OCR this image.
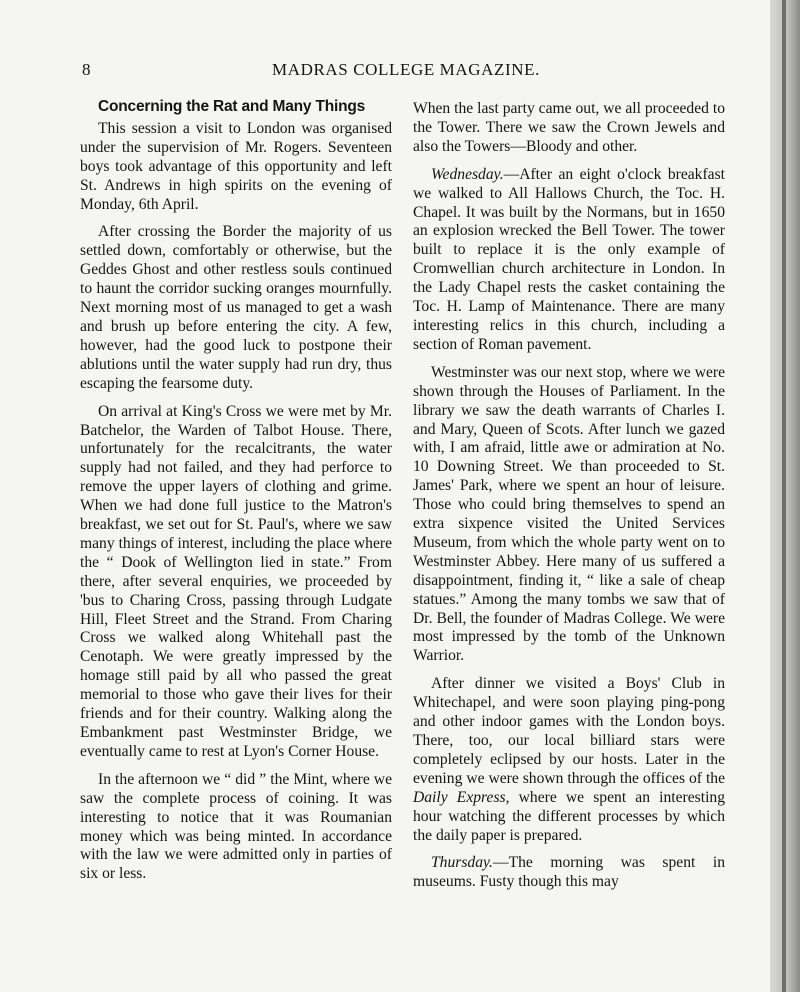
8	MADRAS COLLEGE MAGAZINE.
Concerning the Rat and Many Things

This session a visit to London was organised under the supervision of Mr. Rogers. Seventeen boys took advantage of this opportunity and left St. Andrews in high spirits on the evening of Monday, 6th April.

After crossing the Border the majority of us settled down, comfortably or otherwise, but the Geddes Ghost and other restless souls continued to haunt the corridor sucking oranges mournfully. Next morning most of us managed to get a wash and brush up before entering the city. A few, however, had the good luck to postpone their ablutions until the water supply had run dry, thus escaping the fearsome duty.

On arrival at King's Cross we were met by Mr. Batchelor, the Warden of Talbot House. There, unfortunately for the recalcitrants, the water supply had not failed, and they had perforce to remove the upper layers of clothing and grime. When we had done full justice to the Matron's breakfast, we set out for St. Paul's, where we saw many things of interest, including the place where the “ Dook of Wellington lied in state.” From there, after several enquiries, we proceeded by 'bus to Charing Cross, passing through Ludgate Hill, Fleet Street and the Strand. From Charing Cross we walked along Whitehall past the Cenotaph. We were greatly impressed by the homage still paid by all who passed the great memorial to those who gave their lives for their friends and for their country. Walking along the Embankment past Westminster Bridge, we eventually came to rest at Lyon's Corner House.

In the afternoon we “ did ” the Mint, where we saw the complete process of coining. It was interesting to notice that it was Roumanian money which was being minted. In accordance with the law we were admitted only in parties of six or less.

When the last party came out, we all proceeded to the Tower. There we saw the Crown Jewels and also the Towers—Bloody and other.

Wednesday.—After an eight o'clock breakfast we walked to All Hallows Church, the Toc. H. Chapel. It was built by the Normans, but in 1650 an explosion wrecked the Bell Tower. The tower built to replace it is the only example of Cromwellian church architecture in London. In the Lady Chapel rests the casket containing the Toc. H. Lamp of Maintenance. There are many interesting relics in this church, including a section of Roman pavement.

Westminster was our next stop, where we were shown through the Houses of Parliament. In the library we saw the death warrants of Charles I. and Mary, Queen of Scots. After lunch we gazed with, I am afraid, little awe or admiration at No. 10 Downing Street. We than proceeded to St. James' Park, where we spent an hour of leisure. Those who could bring themselves to spend an extra sixpence visited the United Services Museum, from which the whole party went on to Westminster Abbey. Here many of us suffered a disappointment, finding it, “ like a sale of cheap statues.” Among the many tombs we saw that of Dr. Bell, the founder of Madras College. We were most impressed by the tomb of the Unknown Warrior.

After dinner we visited a Boys' Club in Whitechapel, and were soon playing ping-pong and other indoor games with the London boys. There, too, our local billiard stars were completely eclipsed by our hosts. Later in the evening we were shown through the offices of the Daily Express, where we spent an interesting hour watching the different processes by which the daily paper is prepared.

Thursday.—The morning was spent in museums. Fusty though this may
